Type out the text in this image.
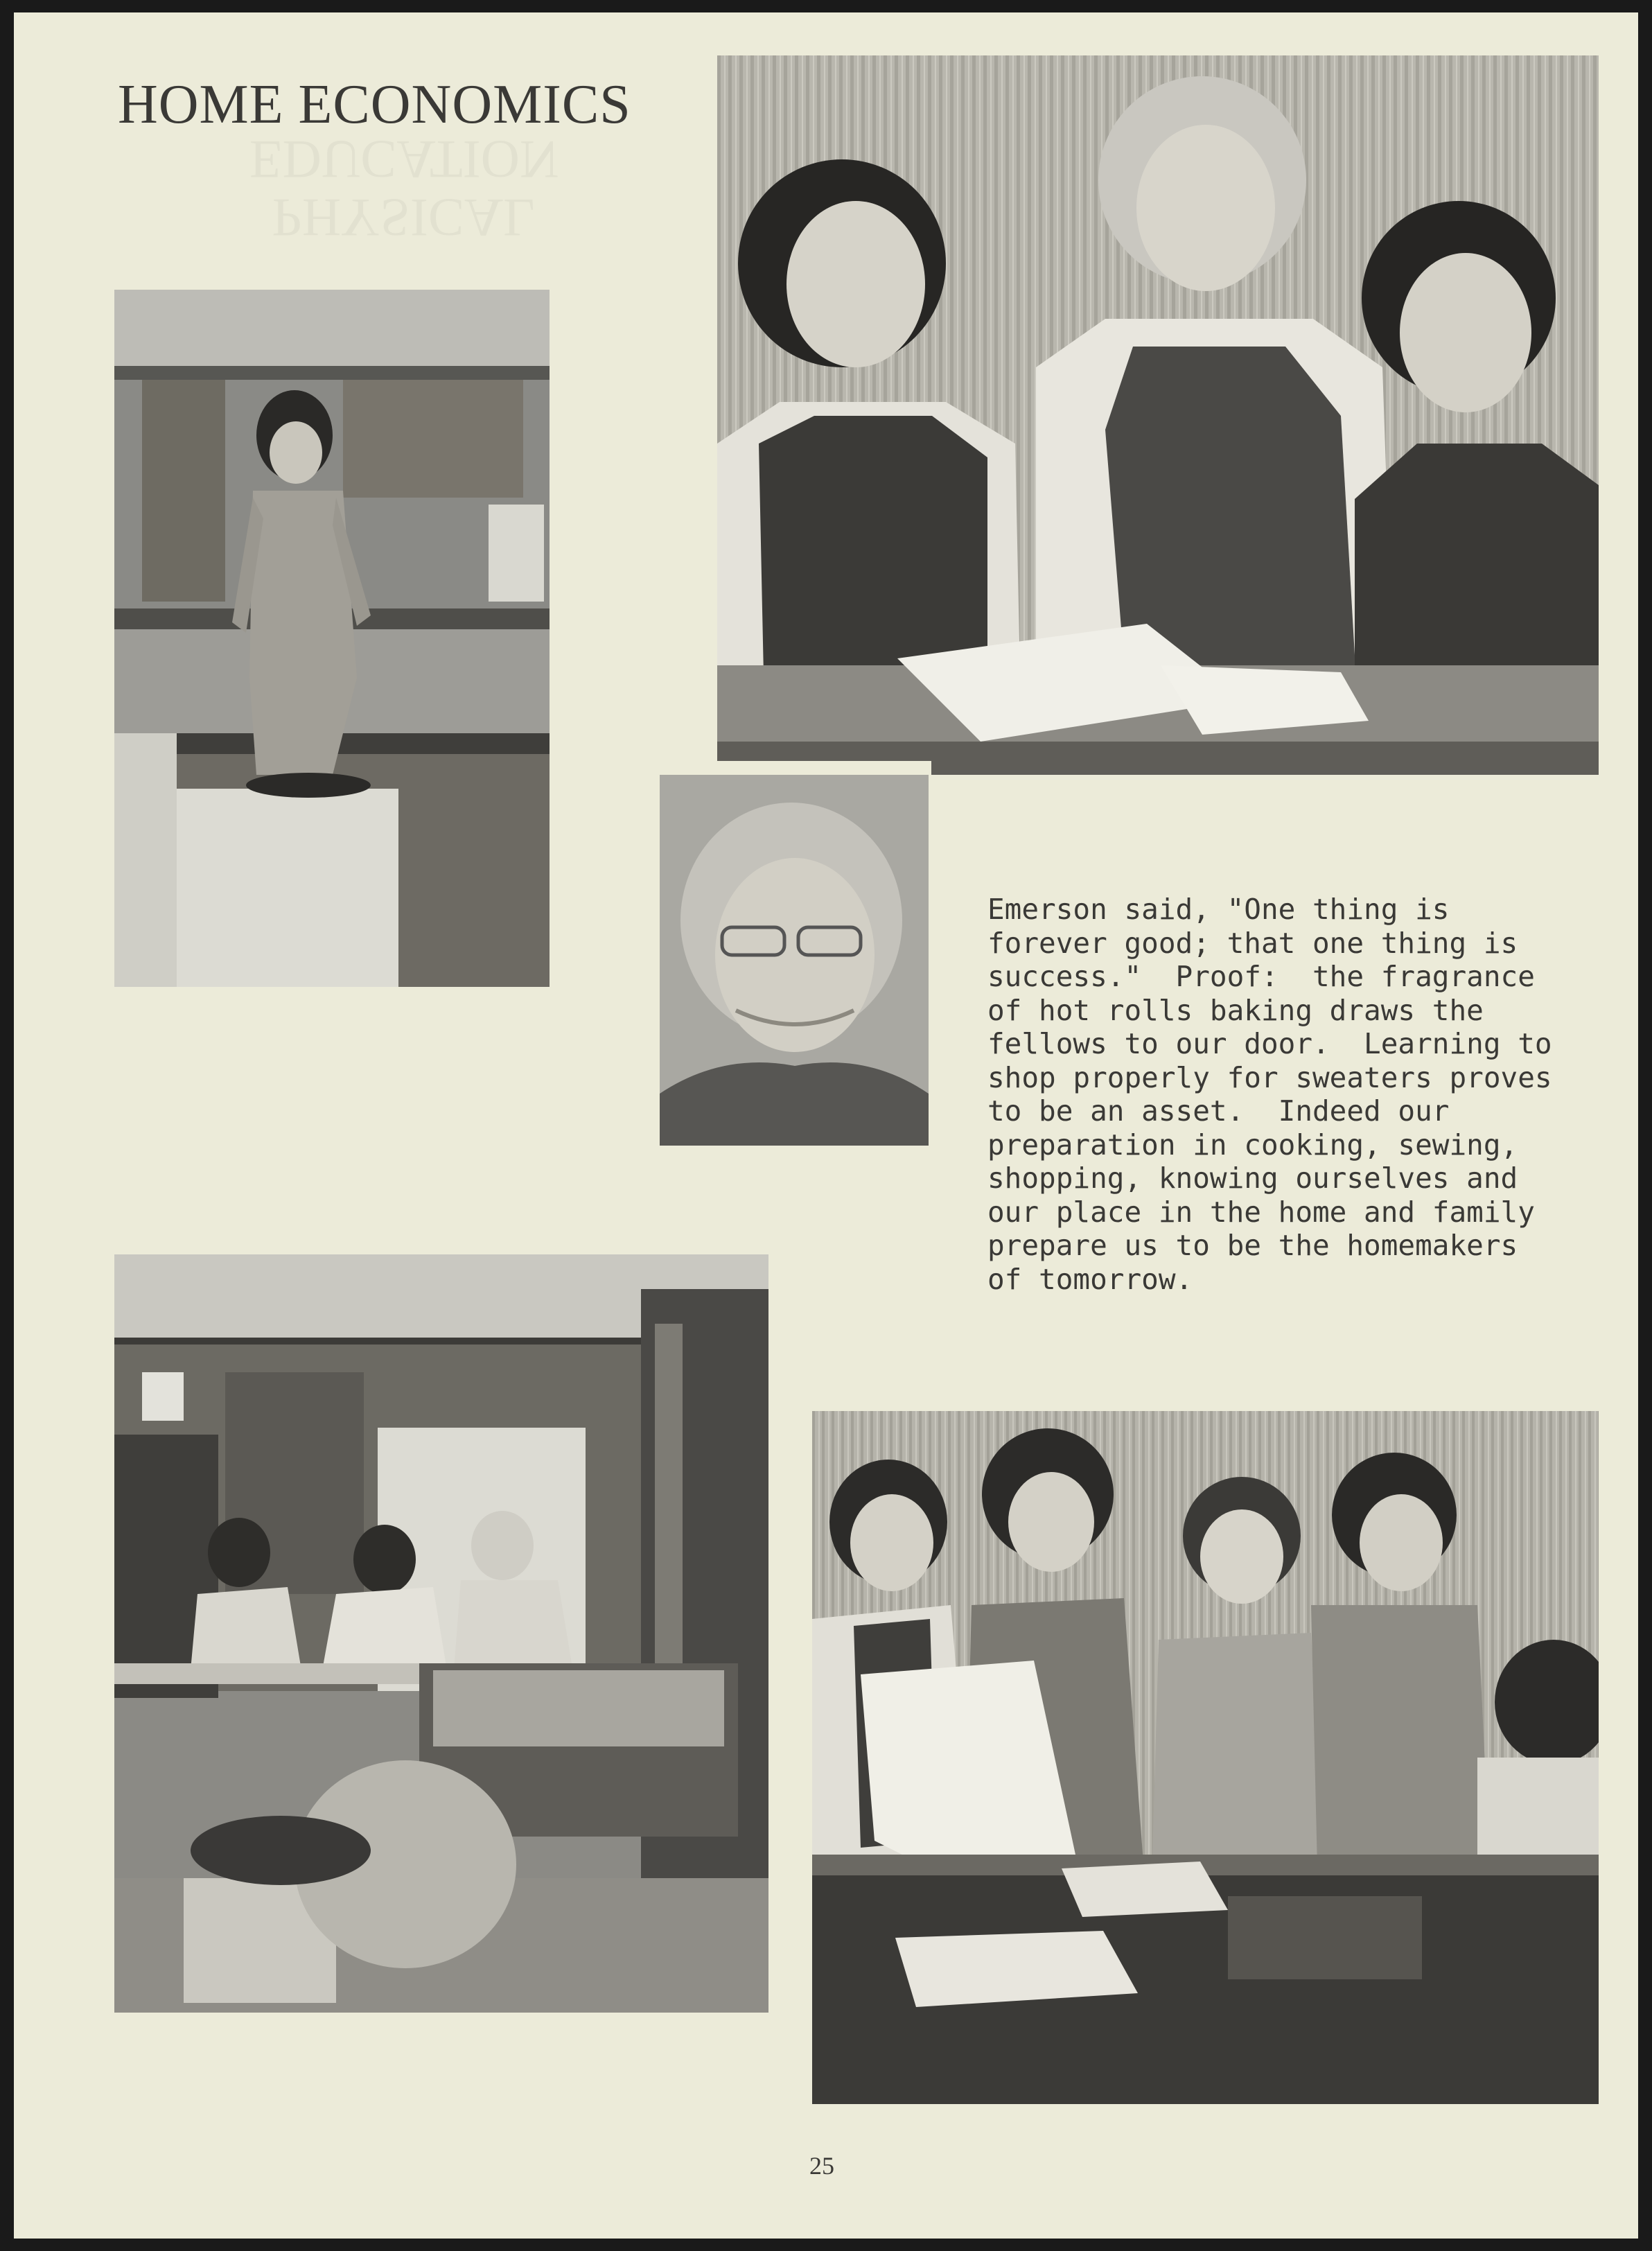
HOME ECONOMICS
PHYSICAL
EDUCATION
Emerson said, "One thing is
forever good; that one thing is
success."  Proof:  the fragrance
of hot rolls baking draws the
fellows to our door.  Learning to
shop properly for sweaters proves
to be an asset.  Indeed our
preparation in cooking, sewing,
shopping, knowing ourselves and
our place in the home and family
prepare us to be the homemakers
of tomorrow.
25
